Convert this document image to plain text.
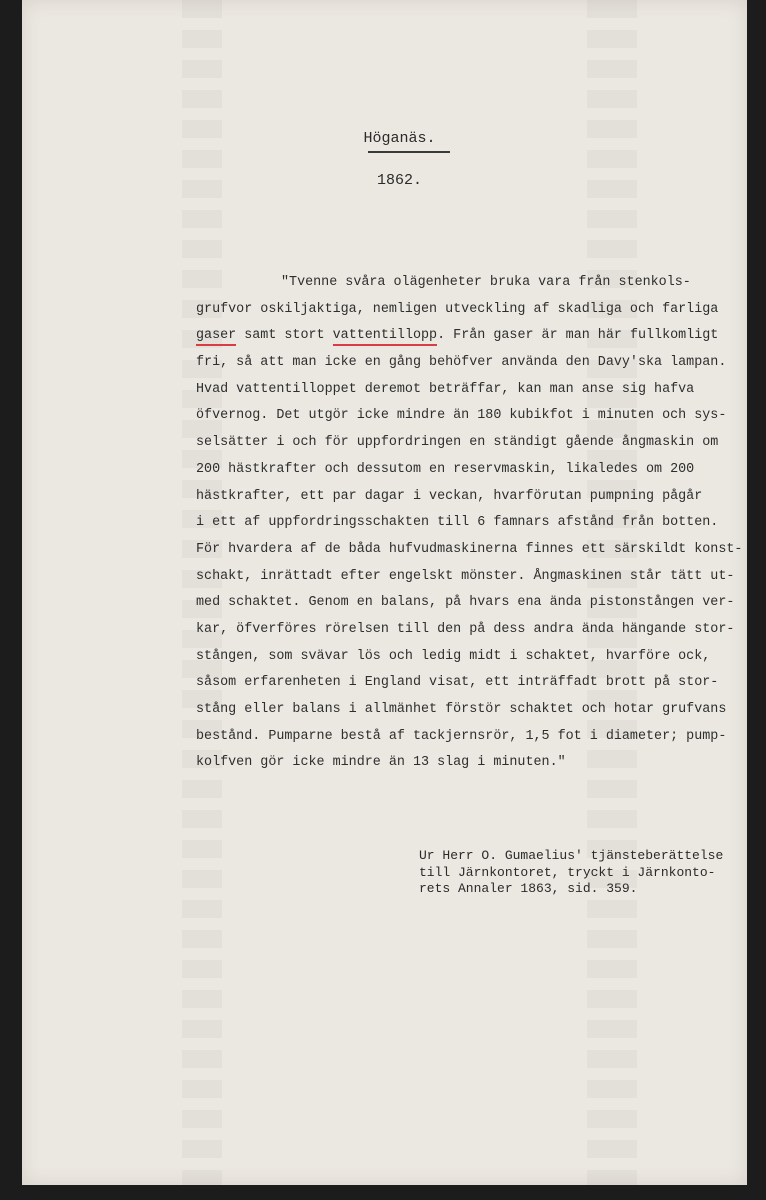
Höganäs.
1862.
"Tvenne svåra olägenheter bruka vara från stenkols-
grufvor oskiljaktiga, nemligen utveckling af skadliga och farliga
gaser samt stort vattentillopp. Från gaser är man här fullkomligt
fri, så att man icke en gång behöfver använda den Davy'ska lampan.
Hvad vattentilloppet deremot beträffar, kan man anse sig hafva
öfvernog. Det utgör icke mindre än 180 kubikfot i minuten och sys-
selsätter i och för uppfordringen en ständigt gående ångmaskin om
200 hästkrafter och dessutom en reservmaskin, likaledes om 200
hästkrafter, ett par dagar i veckan, hvarförutan pumpning pågår
i ett af uppfordringsschakten till 6 famnars afstånd från botten.
För hvardera af de båda hufvudmaskinerna finnes ett särskildt konst-
schakt, inrättadt efter engelskt mönster. Ångmaskinen står tätt ut-
med schaktet. Genom en balans, på hvars ena ända pistonstången ver-
kar, öfverföres rörelsen till den på dess andra ända hängande stor-
stången, som svävar lös och ledig midt i schaktet, hvarföre ock,
såsom erfarenheten i England visat, ett inträffadt brott på stor-
stång eller balans i allmänhet förstör schaktet och hotar grufvans
bestånd. Pumparne bestå af tackjernsrör, 1,5 fot i diameter; pump-
kolfven gör icke mindre än 13 slag i minuten."
Ur Herr O. Gumaelius' tjänsteberättelse
till Järnkontoret, tryckt i Järnkonto-
rets Annaler 1863, sid. 359.
